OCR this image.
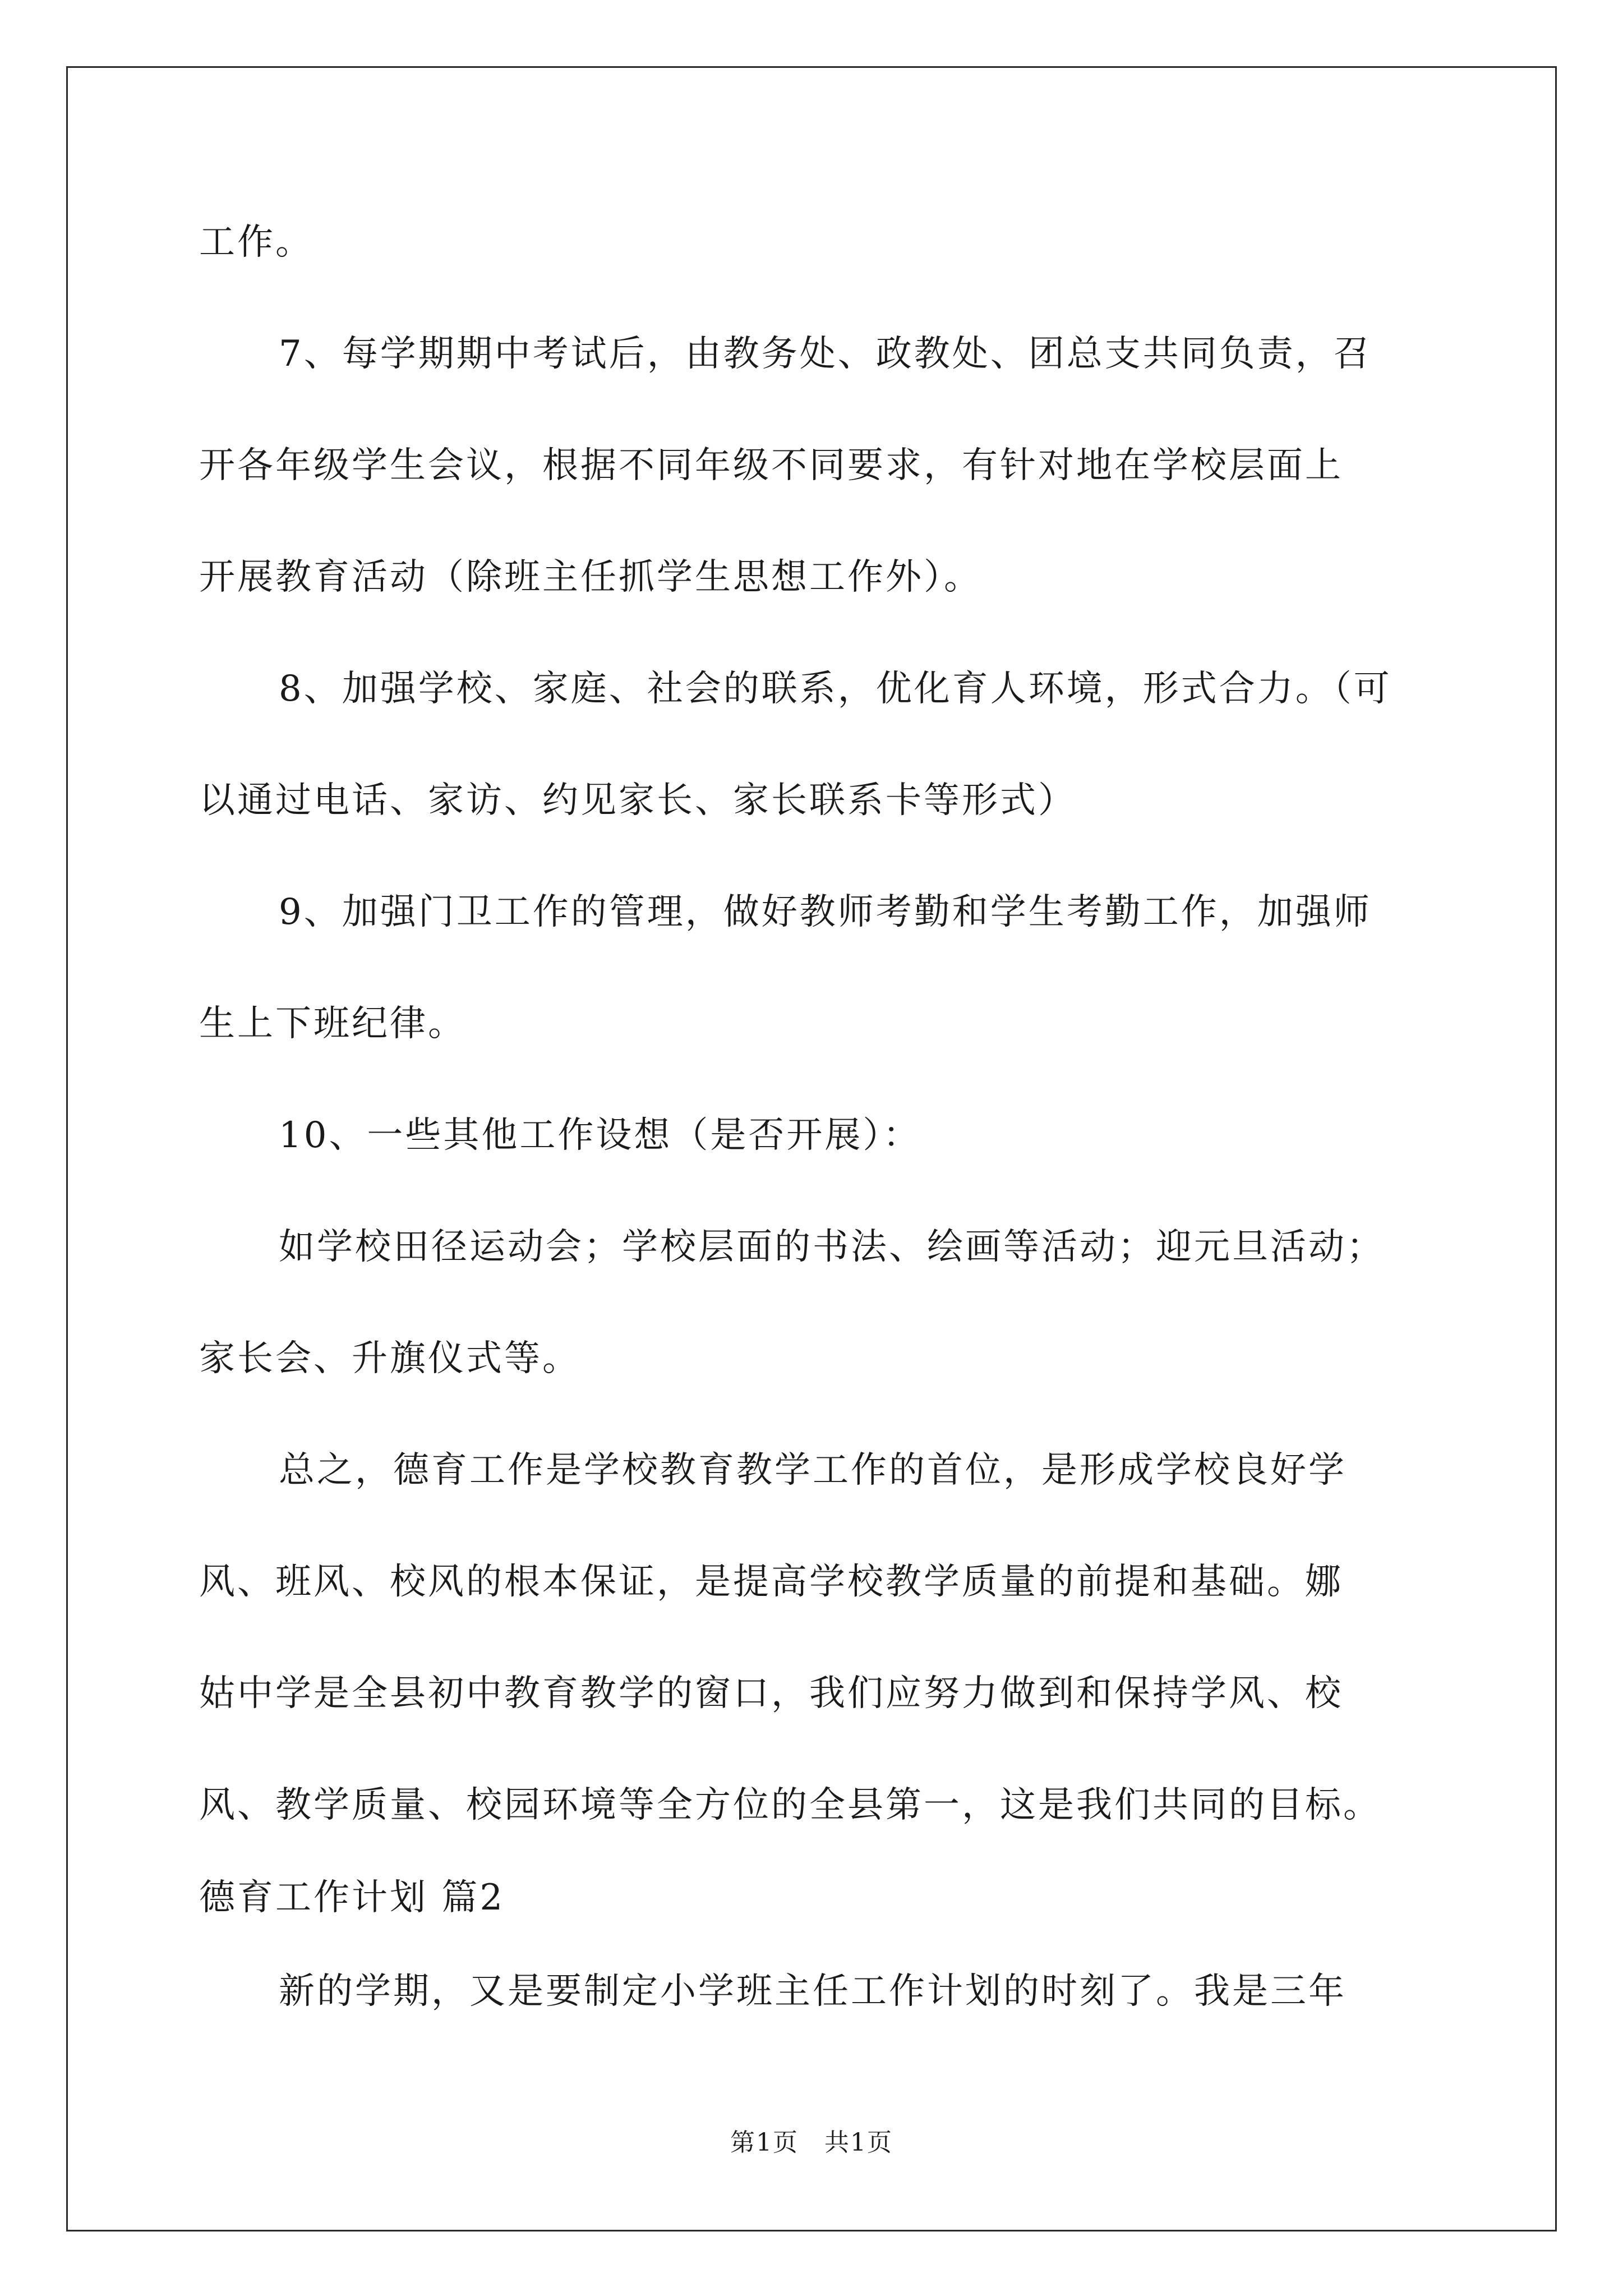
工作。
7、每学期期中考试后，由教务处、政教处、团总支共同负责，召
开各年级学生会议，根据不同年级不同要求，有针对地在学校层面上
开展教育活动（除班主任抓学生思想工作外）。
8、加强学校、家庭、社会的联系，优化育人环境，形式合力。（可
以通过电话、家访、约见家长、家长联系卡等形式）
9、加强门卫工作的管理，做好教师考勤和学生考勤工作，加强师
生上下班纪律。
10、一些其他工作设想（是否开展）：
如学校田径运动会；学校层面的书法、绘画等活动；迎元旦活动；
家长会、升旗仪式等。
总之，德育工作是学校教育教学工作的首位，是形成学校良好学
风、班风、校风的根本保证，是提高学校教学质量的前提和基础。娜
姑中学是全县初中教育教学的窗口，我们应努力做到和保持学风、校
风、教学质量、校园环境等全方位的全县第一，这是我们共同的目标。
德育工作计划 篇2
新的学期，又是要制定小学班主任工作计划的时刻了。我是三年
第1页　共1页
